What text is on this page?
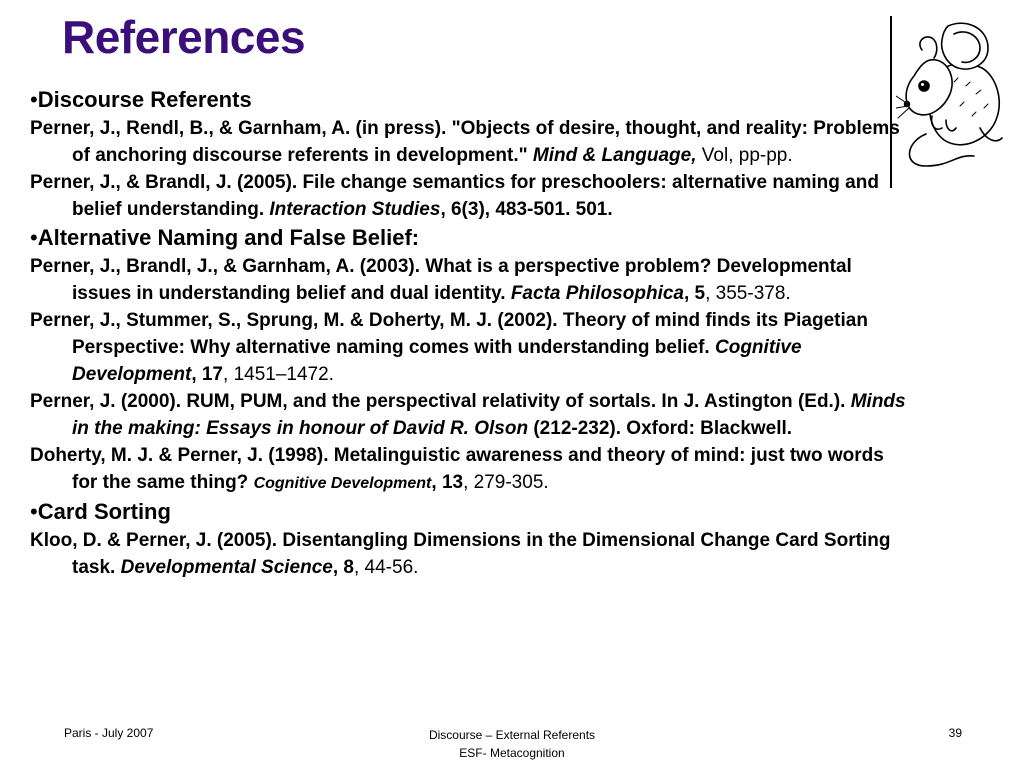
References

•Discourse Referents

Perner, J., Rendl, B., & Garnham, A. (in press). "Objects of desire, thought, and reality: Problems of anchoring discourse referents in development." Mind & Language, Vol, pp-pp.

Perner, J., & Brandl, J. (2005). File change semantics for preschoolers: alternative naming and belief understanding. Interaction Studies, 6(3), 483-501. 501.

•Alternative Naming and False Belief:

Perner, J., Brandl, J., & Garnham, A. (2003). What is a perspective problem? Developmental issues in understanding belief and dual identity. Facta Philosophica, 5, 355-378.

Perner, J., Stummer, S., Sprung, M. & Doherty, M. J. (2002). Theory of mind finds its Piagetian Perspective: Why alternative naming comes with understanding belief. Cognitive Development, 17, 1451–1472.

Perner, J. (2000). RUM, PUM, and the perspectival relativity of sortals. In J. Astington (Ed.). Minds in the making: Essays in honour of David R. Olson (212-232). Oxford: Blackwell.

Doherty, M. J. & Perner, J. (1998). Metalinguistic awareness and theory of mind: just two words for the same thing? Cognitive Development, 13, 279-305.

•Card Sorting

Kloo, D. & Perner, J. (2005). Disentangling Dimensions in the Dimensional Change Card Sorting task. Developmental Science, 8, 44-56.

Paris - July 2007	Discourse – External Referents
ESF- Metacognition
39
